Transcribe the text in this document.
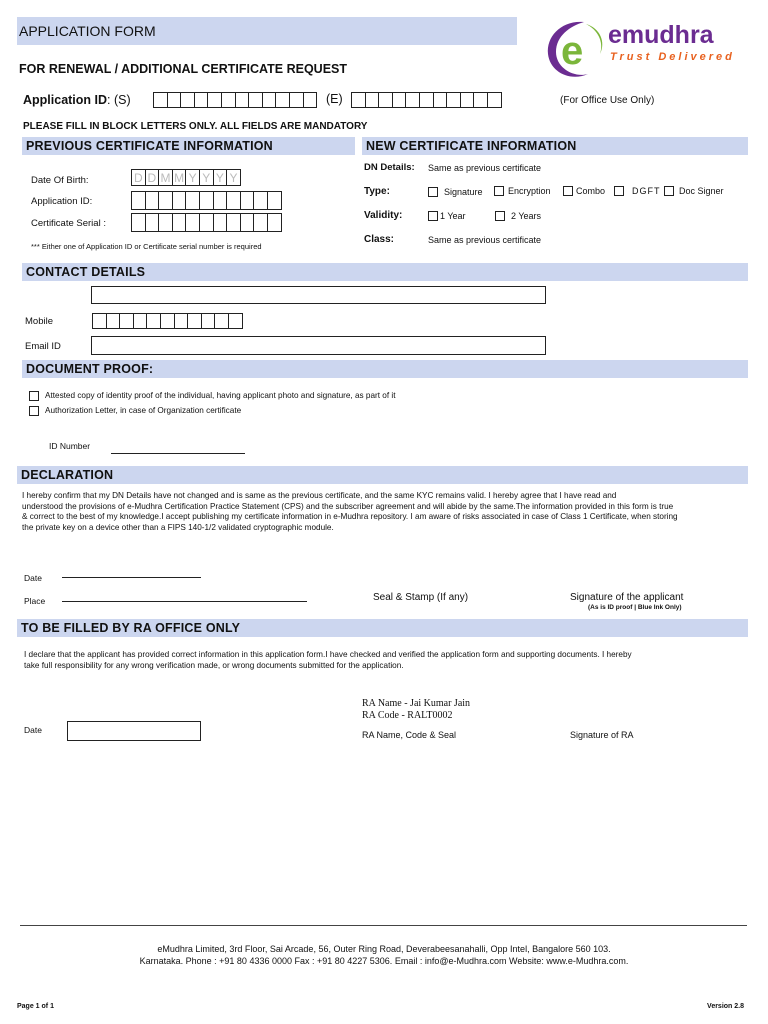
APPLICATION FORM	e emudhra
Trust Delivered
FOR RENEWAL / ADDITIONAL CERTIFICATE REQUEST
Application ID: (S)	(E)	(For Office Use Only)
PLEASE FILL IN BLOCK LETTERS ONLY. ALL FIELDS ARE MANDATORY
PREVIOUS CERTIFICATE INFORMATION	NEW CERTIFICATE INFORMATION
Date Of Birth:	D D M M Y Y Y Y
Application ID:
Certificate Serial :
*** Either one of Application ID or Certificate serial number is required
DN Details: Same as previous certificate
Type:	Signature	Encryption	Combo	DGFT Doc Signer
Validity:	1 Year	2 Years
Class:	Same as previous certificate
CONTACT DETAILS
Mobile
Email ID
DOCUMENT PROOF:
Attested copy of identity proof of the individual, having applicant photo and signature, as part of it
Authorization Letter, in case of Organization certificate
ID Number
DECLARATION
I hereby confirm that my DN Details have not changed and is same as the previous certificate, and the same KYC remains valid. I hereby agree that I have read and
understood the provisions of e-Mudhra Certification Practice Statement (CPS) and the subscriber agreement and will abide by the same.The information provided in this form is true
& correct to the best of my knowledge.I accept publishing my certificate information in e-Mudhra repository. I am aware of risks associated in case of Class 1 Certificate, when storing
the private key on a device other than a FIPS 140-1/2 validated cryptographic module.
Date
Place	Seal & Stamp (If any)	Signature of the applicant
(As is ID proof | Blue Ink Only)
TO BE FILLED BY RA OFFICE ONLY
I declare that the applicant has provided correct information in this application form.I have checked and verified the application form and supporting documents. I hereby
take full responsibility for any wrong verification made, or wrong documents submitted for the application.
RA Name - Jai Kumar Jain
RA Code - RALT0002
RA Name, Code & Seal	Signature of RA
Date
eMudhra Limited, 3rd Floor, Sai Arcade, 56, Outer Ring Road, Deverabeesanahalli, Opp Intel, Bangalore 560 103.
Karnataka. Phone : +91 80 4336 0000 Fax : +91 80 4227 5306. Email : info@e-Mudhra.com Website: www.e-Mudhra.com.
Page 1 of 1	Version 2.8
